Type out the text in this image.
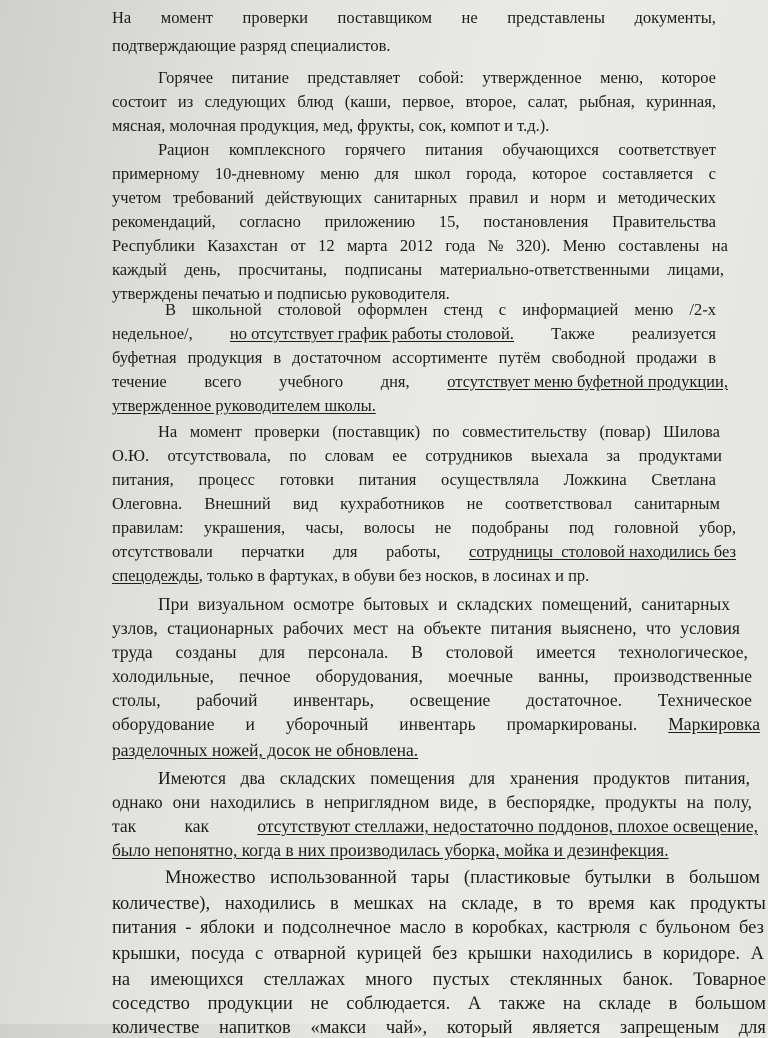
На момент проверки поставщиком не представлены документы,
подтверждающие разряд специалистов.
Горячее питание представляет собой: утвержденное меню, которое
состоит из следующих блюд (каши, первое, второе, салат, рыбная, куринная,
мясная, молочная продукция, мед, фрукты, сок, компот и т.д.).
Рацион комплексного горячего питания обучающихся соответствует
примерному 10-дневному меню для школ города, которое составляется с
учетом требований действующих санитарных правил и норм и методических
рекомендаций, согласно приложению 15, постановления Правительства
Республики Казахстан от 12 марта 2012 года № 320). Меню составлены на
каждый день, просчитаны, подписаны материально-ответственными лицами,
утверждены печатью и подписью руководителя.
В школьной столовой оформлен стенд с информацией меню /2-х
недельное/, но отсутствует график работы столовой. Также реализуется
буфетная продукция в достаточном ассортименте путём свободной продажи в
течение всего учебного дня, отсутствует меню буфетной продукции,
утвержденное руководителем школы.
На момент проверки (поставщик) по совместительству (повар) Шилова
О.Ю. отсутствовала, по словам ее сотрудников выехала за продуктами
питания, процесс готовки питания осуществляла Ложкина Светлана
Олеговна. Внешний вид кухработников не соответствовал санитарным
правилам: украшения, часы, волосы не подобраны под головной убор,
отсутствовали перчатки для работы, сотрудницы  столовой находились без
спецодежды , только в фартуках, в обуви без носков, в лосинах и пр.
При визуальном осмотре бытовых и складских помещений, санитарных
узлов, стационарных рабочих мест на объекте питания выяснено, что условия
труда созданы для персонала. В столовой имеется технологическое,
холодильные, печное оборудования, моечные ванны, производственные
столы, рабочий инвентарь, освещение достаточное. Техническое
оборудование и уборочный инвентарь промаркированы. Маркировка
разделочных ножей, досок не обновлена.
Имеются два складских помещения для хранения продуктов питания,
однако они находились в неприглядном виде, в беспорядке, продукты на полу,
так	как	отсутствуют стеллажи, недостаточно поддонов, плохое освещение,
было непонятно, когда в них производилась уборка, мойка и дезинфекция.
Множество использованной тары (пластиковые бутылки в большом
количестве), находились в мешках на складе, в то время как продукты
питания - яблоки и подсолнечное масло в коробках, кастрюля с бульоном без
крышки, посуда с отварной курицей без крышки находились в коридоре. А
на имеющихся стеллажах много пустых стеклянных банок. Товарное
соседство продукции не соблюдается. А также на складе в большом
количестве напитков «макси чай», который является запрещеным для
